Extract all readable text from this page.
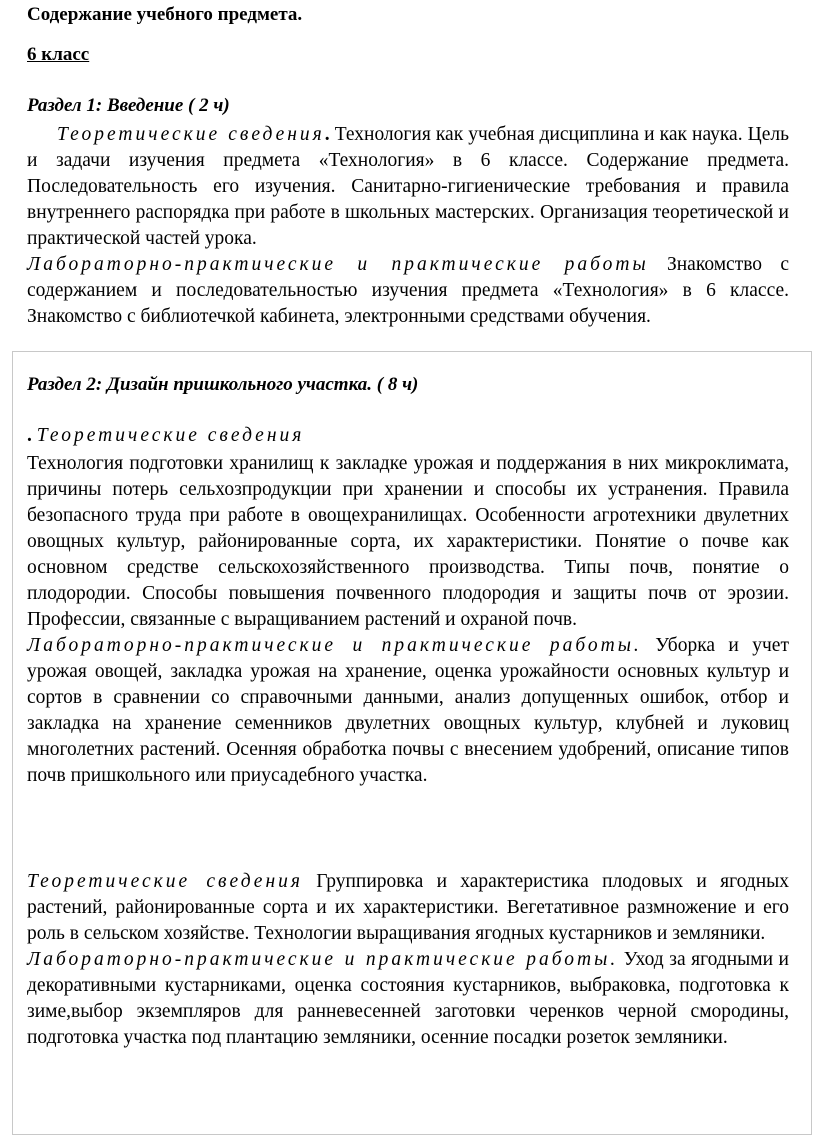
Содержание учебного предмета.
6 класс
Раздел 1: Введение ( 2 ч)

Теоретические сведения. Технология как учебная дисциплина и как наука. Цель и задачи изучения предмета «Технология» в 6 классе. Содержание предмета. Последовательность его изучения. Санитарно-гигиенические требования и правила внутреннего распорядка при работе в школьных мастерских. Организация теоретической и практической частей урока.
Лабораторно-практические и практические работы Знакомство с содержанием и последовательностью изучения предмета «Технология» в 6 классе. Знакомство с библиотечкой кабинета, электронными средствами обучения.

Раздел 2: Дизайн пришкольного участка. ( 8 ч)
. Теоретические сведения

Технология подготовки хранилищ к закладке урожая и поддержания в них микроклимата, причины потерь сельхозпродукции при хранении и способы их устранения. Правила безопасного труда при работе в овощехранилищах. Особенности агротехники двулетних овощных культур, районированные сорта, их характеристики. Понятие о почве как основном средстве сельскохозяйственного производства. Типы почв, понятие о плодородии. Способы повышения почвенного плодородия и защиты почв от эрозии. Профессии, связанные с выращиванием растений и охраной почв.
Лабораторно-практические и практические работы. Уборка и учет урожая овощей, закладка урожая на хранение, оценка урожайности основных культур и сортов в сравнении со справочными данными, анализ допущенных ошибок, отбор и закладка на хранение семенников двулетних овощных культур, клубней и луковиц многолетних растений. Осенняя обработка почвы с внесением удобрений, описание типов почв пришкольного или приусадебного участка.

Теоретические сведения Группировка и характеристика плодовых и ягодных растений, районированные сорта и их характеристики. Вегетативное размножение и его роль в сельском хозяйстве. Технологии выращивания ягодных кустарников и земляники.
Лабораторно-практические и практические работы. Уход за ягодными и декоративными кустарниками, оценка состояния кустарников, выбраковка, подготовка к зиме,выбор экземпляров для ранневесенней заготовки черенков черной смородины, подготовка участка под плантацию земляники, осенние посадки розеток земляники.
